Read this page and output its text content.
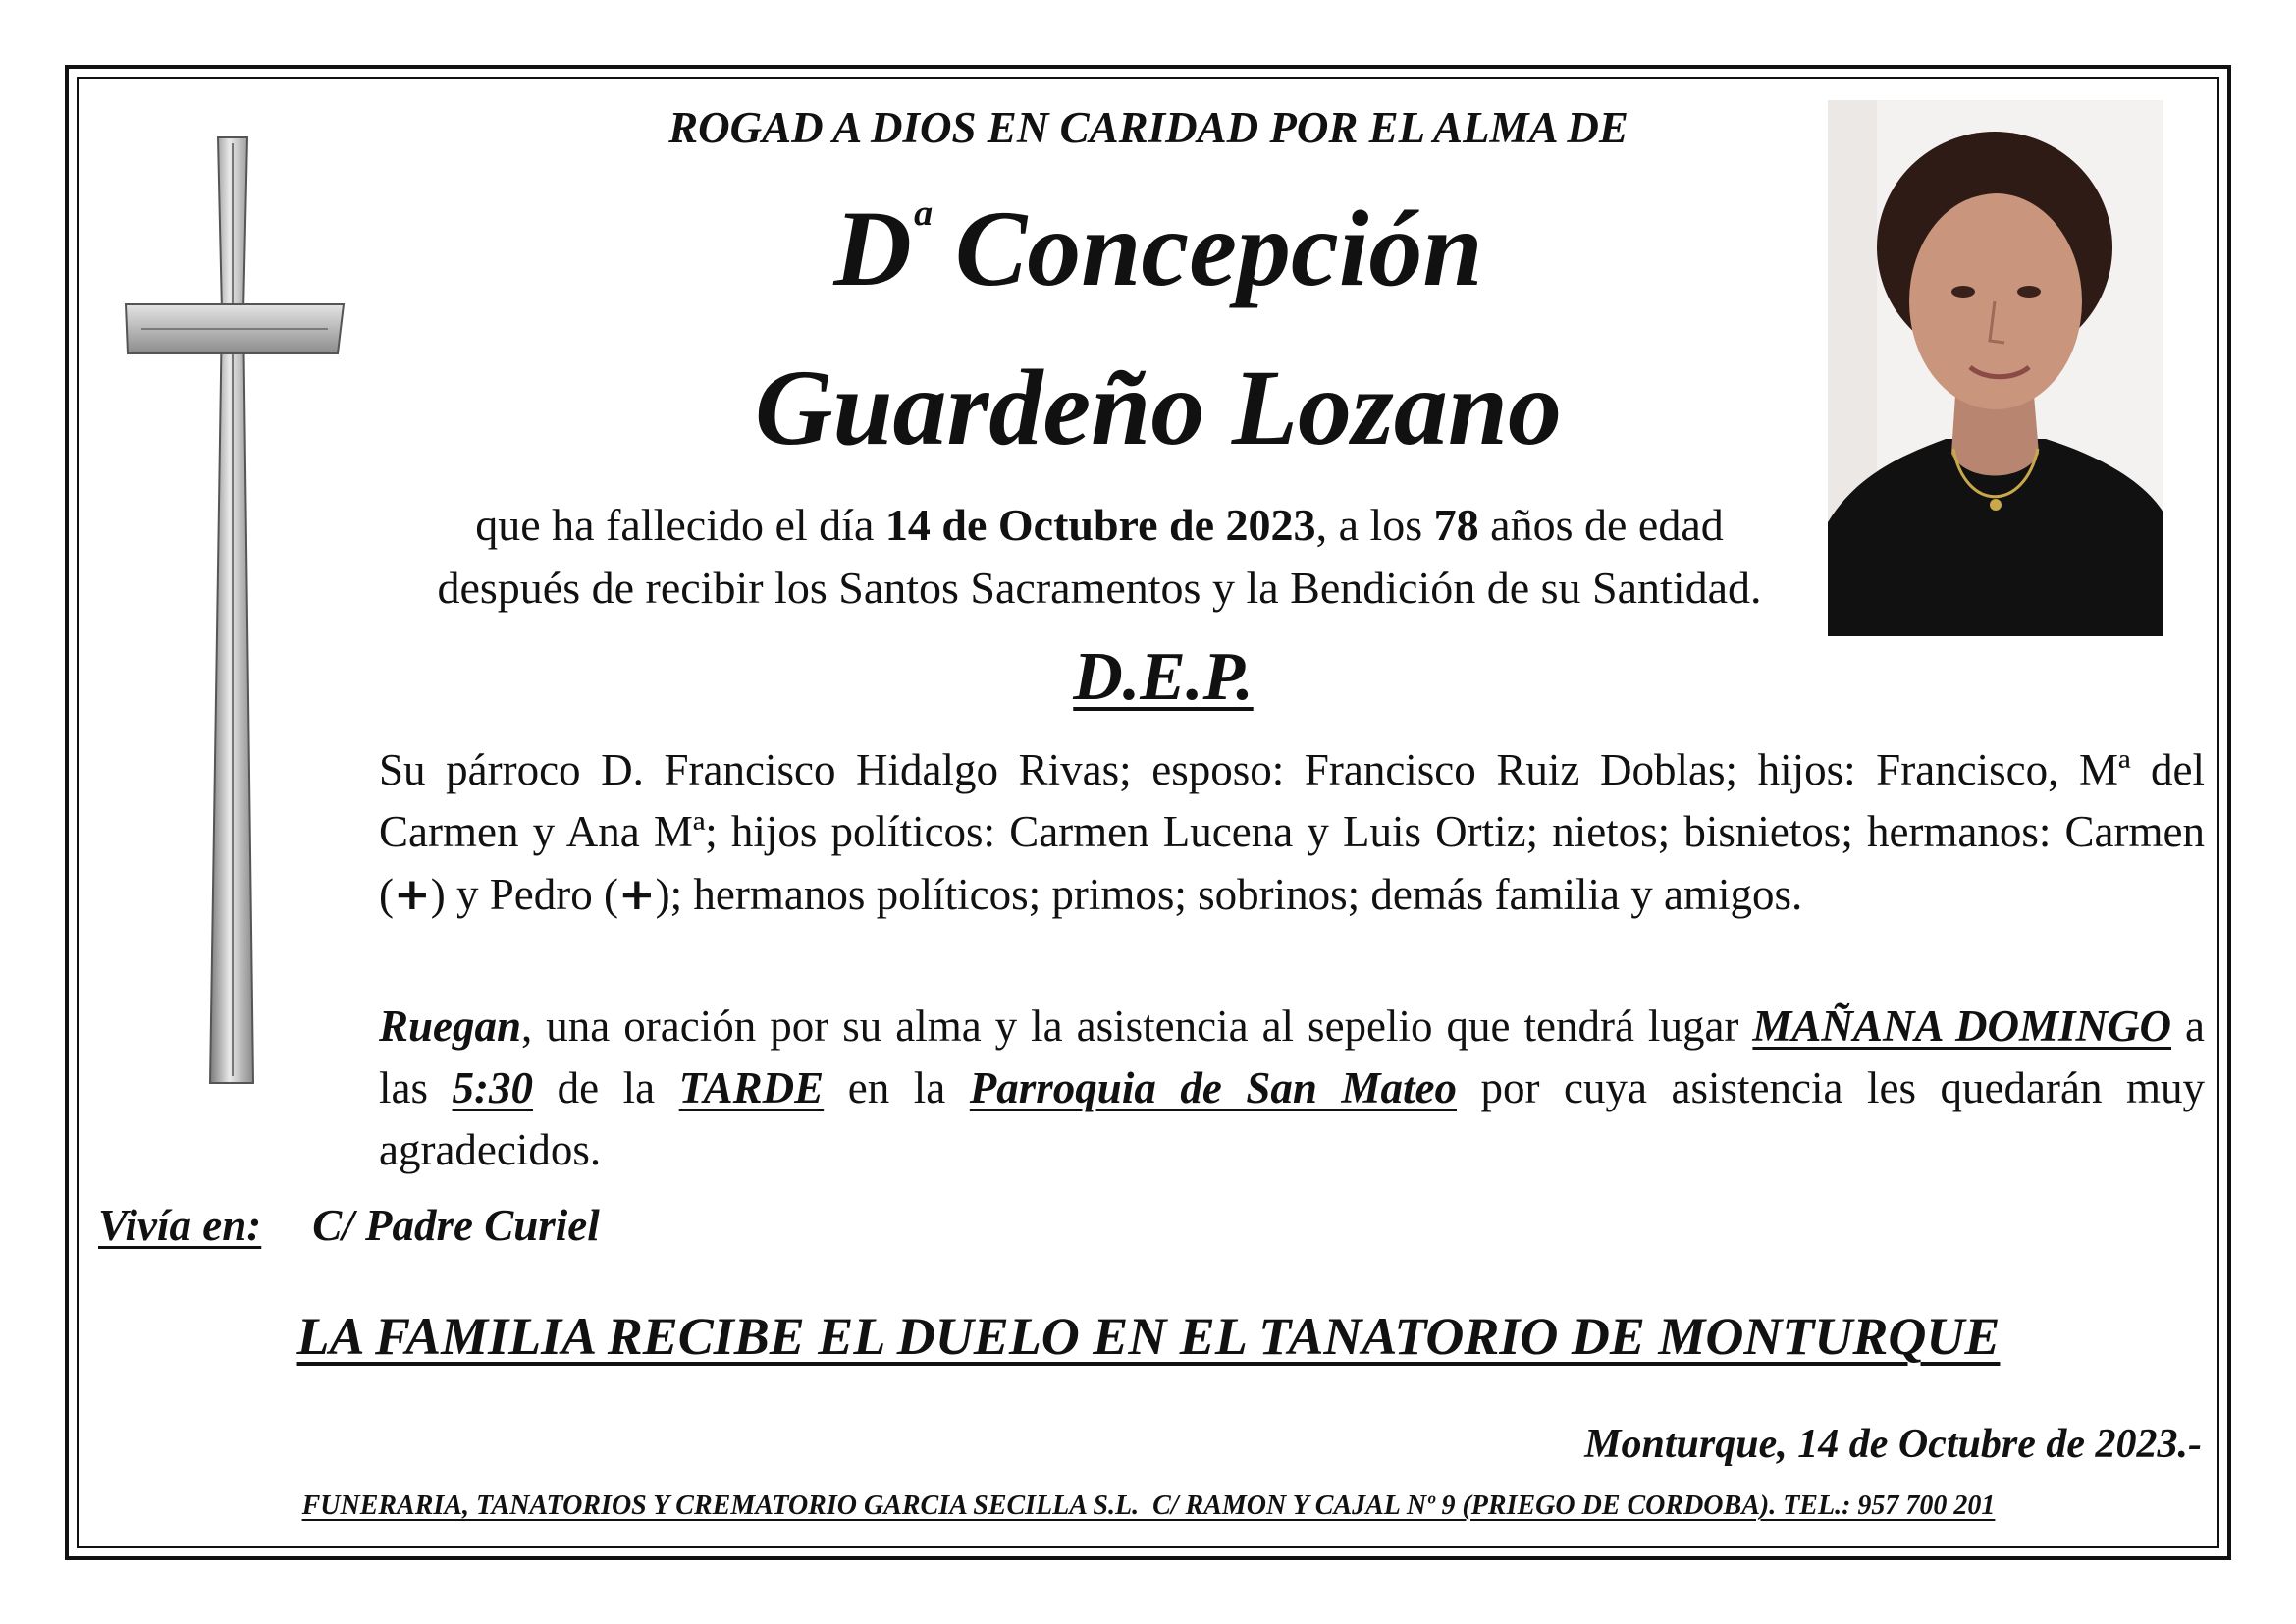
ROGAD A DIOS EN CARIDAD POR EL ALMA DE
$D^ª$ Concepción
Guardeño Lozano
que ha fallecido el día 14 de Octubre de 2023, a los 78 años de edad
después de recibir los Santos Sacramentos y la Bendición de su Santidad.
D.E.P.
Su párroco D. Francisco Hidalgo Rivas; esposo: Francisco Ruiz Doblas; hijos: Francisco, Mª del Carmen y Ana Mª; hijos políticos: Carmen Lucena y Luis Ortiz; nietos; bisnietos; hermanos: Carmen (+) y Pedro (+); hermanos políticos; primos; sobrinos; demás familia y amigos.
Ruegan, una oración por su alma y la asistencia al sepelio que tendrá lugar MAÑANA DOMINGO a las 5:30 de la TARDE en la Parroquia de San Mateo por cuya asistencia les quedarán muy agradecidos.
Vivía en: C/ Padre Curiel
LA FAMILIA RECIBE EL DUELO EN EL TANATORIO DE MONTURQUE
Monturque, 14 de Octubre de 2023.-
FUNERARIA, TANATORIOS Y CREMATORIO GARCIA SECILLA S.L.  C/ RAMON Y CAJAL Nº 9 (PRIEGO DE CORDOBA). TEL.: 957 700 201
